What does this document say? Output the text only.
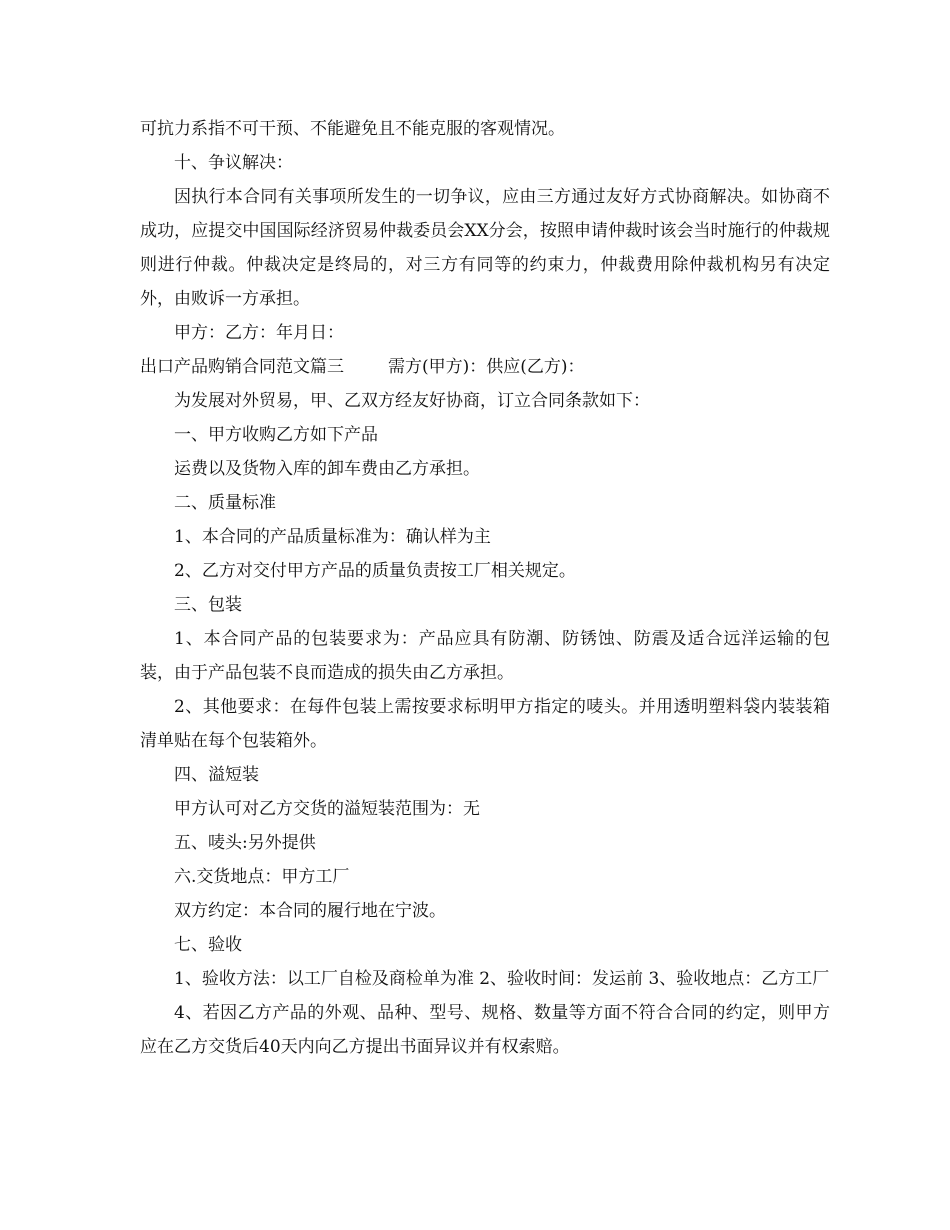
可抗力系指不可干预、不能避免且不能克服的客观情况。

十、争议解决：

因执行本合同有关事项所发生的一切争议，应由三方通过友好方式协商解决。如协商不成功，应提交中国国际经济贸易仲裁委员会XX分会，按照申请仲裁时该会当时施行的仲裁规则进行仲裁。仲裁决定是终局的，对三方有同等的约束力，仲裁费用除仲裁机构另有决定外，由败诉一方承担。

甲方：乙方：年月日：

出口产品购销合同范文篇三	需方(甲方)：供应(乙方)：

为发展对外贸易，甲、乙双方经友好协商，订立合同条款如下：

一、甲方收购乙方如下产品

运费以及货物入库的卸车费由乙方承担。

二、质量标准

1、本合同的产品质量标准为：确认样为主

2、乙方对交付甲方产品的质量负责按工厂相关规定。

三、包装

1、本合同产品的包装要求为：产品应具有防潮、防锈蚀、防震及适合远洋运输的包装，由于产品包装不良而造成的损失由乙方承担。

2、其他要求：在每件包装上需按要求标明甲方指定的唛头。并用透明塑料袋内装装箱清单贴在每个包装箱外。

四、溢短装

甲方认可对乙方交货的溢短装范围为：无

五、唛头:另外提供

六.交货地点：甲方工厂

双方约定：本合同的履行地在宁波。

七、验收

1、验收方法：以工厂自检及商检单为准 2、验收时间：发运前 3、验收地点：乙方工厂

4、若因乙方产品的外观、品种、型号、规格、数量等方面不符合合同的约定，则甲方应在乙方交货后40天内向乙方提出书面异议并有权索赔。
